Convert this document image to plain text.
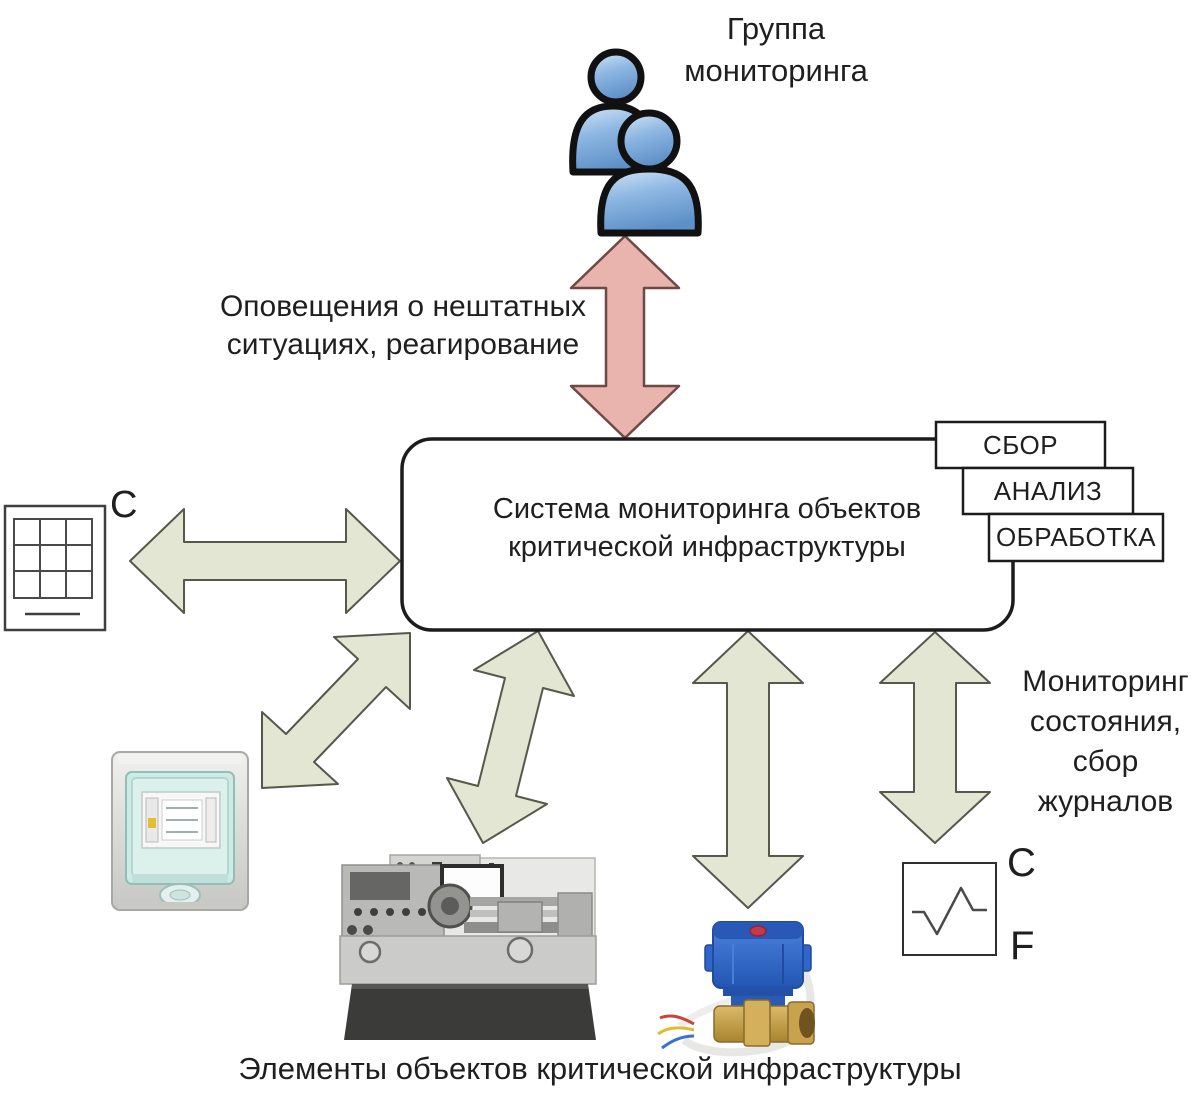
Группа мониторинга
Оповещения о нештатных ситуациях, реагирование
Система мониторинга объектов критической инфраструктуры
СБОР
АНАЛИЗ
ОБРАБОТКА
С
Мониторинг состояния, сбор журналов
С
F
Элементы объектов критической инфраструктуры
